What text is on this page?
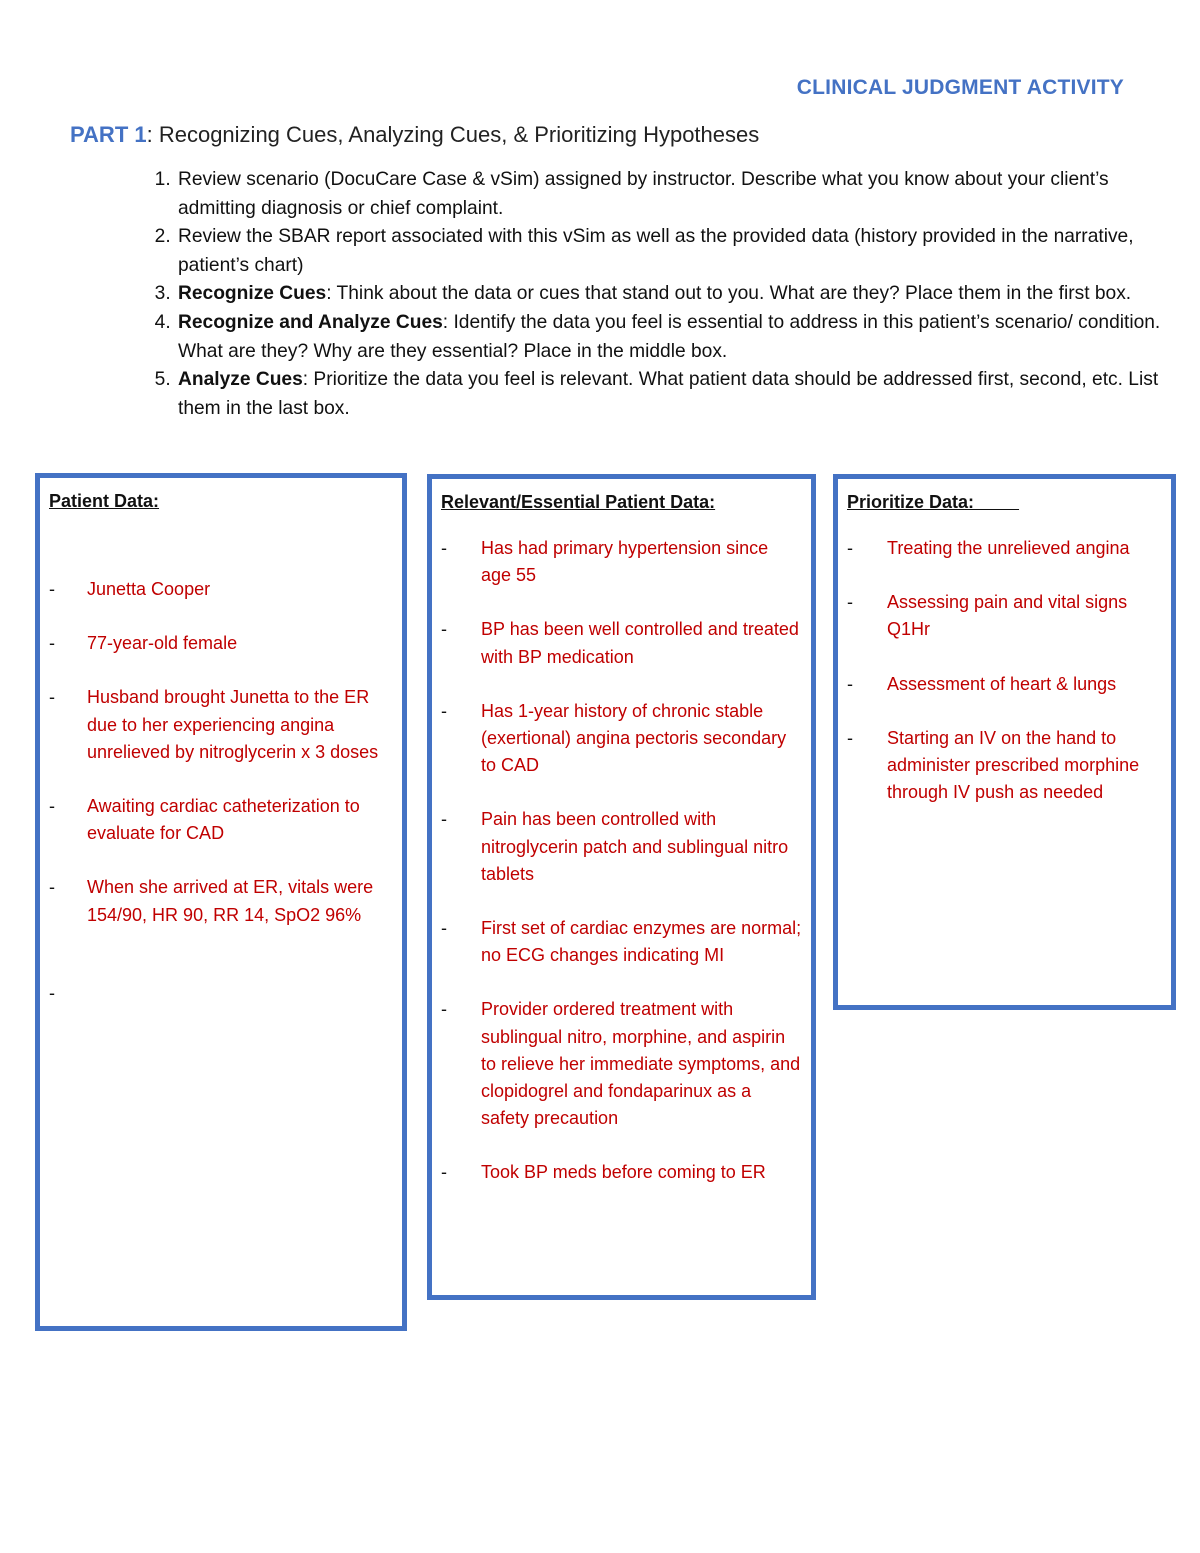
CLINICAL JUDGMENT ACTIVITY
PART 1: Recognizing Cues, Analyzing Cues, & Prioritizing Hypotheses
1. Review scenario (DocuCare Case & vSim) assigned by instructor. Describe what you know about your client’s admitting diagnosis or chief complaint.
2. Review the SBAR report associated with this vSim as well as the provided data (history provided in the narrative, patient’s chart)
3. Recognize Cues: Think about the data or cues that stand out to you. What are they? Place them in the first box.
4. Recognize and Analyze Cues: Identify the data you feel is essential to address in this patient’s scenario/ condition. What are they? Why are they essential? Place in the middle box.
5. Analyze Cues: Prioritize the data you feel is relevant. What patient data should be addressed first, second, etc. List them in the last box.
Patient Data:
-	Junetta Cooper
-	77-year-old female
-	Husband brought Junetta to the ER due to her experiencing angina unrelieved by nitroglycerin x 3 doses
-	Awaiting cardiac catheterization to evaluate for CAD
-	When she arrived at ER, vitals were 154/90, HR 90, RR 14, SpO2 96%
-
Relevant/Essential Patient Data:
-	Has had primary hypertension since age 55
-	BP has been well controlled and treated with BP medication
-	Has 1-year history of chronic stable (exertional) angina pectoris secondary to CAD
-	Pain has been controlled with nitroglycerin patch and sublingual nitro tablets
-	First set of cardiac enzymes are normal; no ECG changes indicating MI
-	Provider ordered treatment with sublingual nitro, morphine, and aspirin to relieve her immediate symptoms, and clopidogrel and fondaparinux as a safety precaution
-	Took BP meds before coming to ER
Prioritize Data:
-	Treating the unrelieved angina
-	Assessing pain and vital signs Q1Hr
-	Assessment of heart & lungs
-	Starting an IV on the hand to administer prescribed morphine through IV push as needed
